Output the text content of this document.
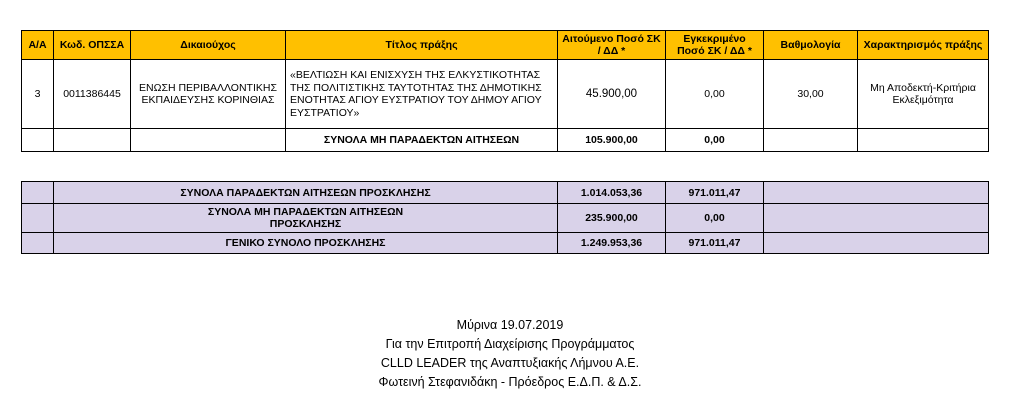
Α/Α	Κωδ. ΟΠΣΣΑ	Δικαιούχος	Τίτλος πράξης	Αιτούμενο Ποσό ΣΚ / ΔΔ *	Εγκεκριμένο Ποσό ΣΚ / ΔΔ *	Βαθμολογία	Χαρακτηρισμός πράξης
3	0011386445	ΕΝΩΣΗ ΠΕΡΙΒΑΛΛΟΝΤΙΚΗΣ ΕΚΠΑΙΔΕΥΣΗΣ ΚΟΡΙΝΘΙΑΣ	«ΒΕΛΤΙΩΣΗ ΚΑΙ ΕΝΙΣΧΥΣΗ ΤΗΣ ΕΛΚΥΣΤΙΚΟΤΗΤΑΣ ΤΗΣ ΠΟΛΙΤΙΣΤΙΚΗΣ ΤΑΥΤΟΤΗΤΑΣ ΤΗΣ ΔΗΜΟΤΙΚΗΣ ΕΝΟΤΗΤΑΣ ΑΓΙΟΥ ΕΥΣΤΡΑΤΙΟΥ ΤΟΥ ΔΗΜΟΥ ΑΓΙΟΥ ΕΥΣΤΡΑΤΙΟΥ»	45.900,00	0,00	30,00	Μη Αποδεκτή-Κριτήρια Εκλεξιμότητα
			ΣΥΝΟΛΑ ΜΗ ΠΑΡΑΔΕΚΤΩΝ ΑΙΤΗΣΕΩΝ	105.900,00	0,00		
	ΣΥΝΟΛΑ ΠΑΡΑΔΕΚΤΩΝ ΑΙΤΗΣΕΩΝ ΠΡΟΣΚΛΗΣΗΣ	1.014.053,36	971.011,47	

	ΣΥΝΟΛΑ ΜΗ ΠΑΡΑΔΕΚΤΩΝ ΑΙΤΗΣΕΩΝ ΠΡΟΣΚΛΗΣΗΣ	235.900,00	0,00	
	ΓΕΝΙΚΟ ΣΥΝΟΛΟ ΠΡΟΣΚΛΗΣΗΣ	1.249.953,36	971.011,47	
Μύρινα 19.07.2019
Για την Επιτροπή Διαχείρισης Προγράμματος
CLLD LEADER της Αναπτυξιακής Λήμνου Α.Ε.
Φωτεινή Στεφανιδάκη - Πρόεδρος Ε.Δ.Π. & Δ.Σ.
